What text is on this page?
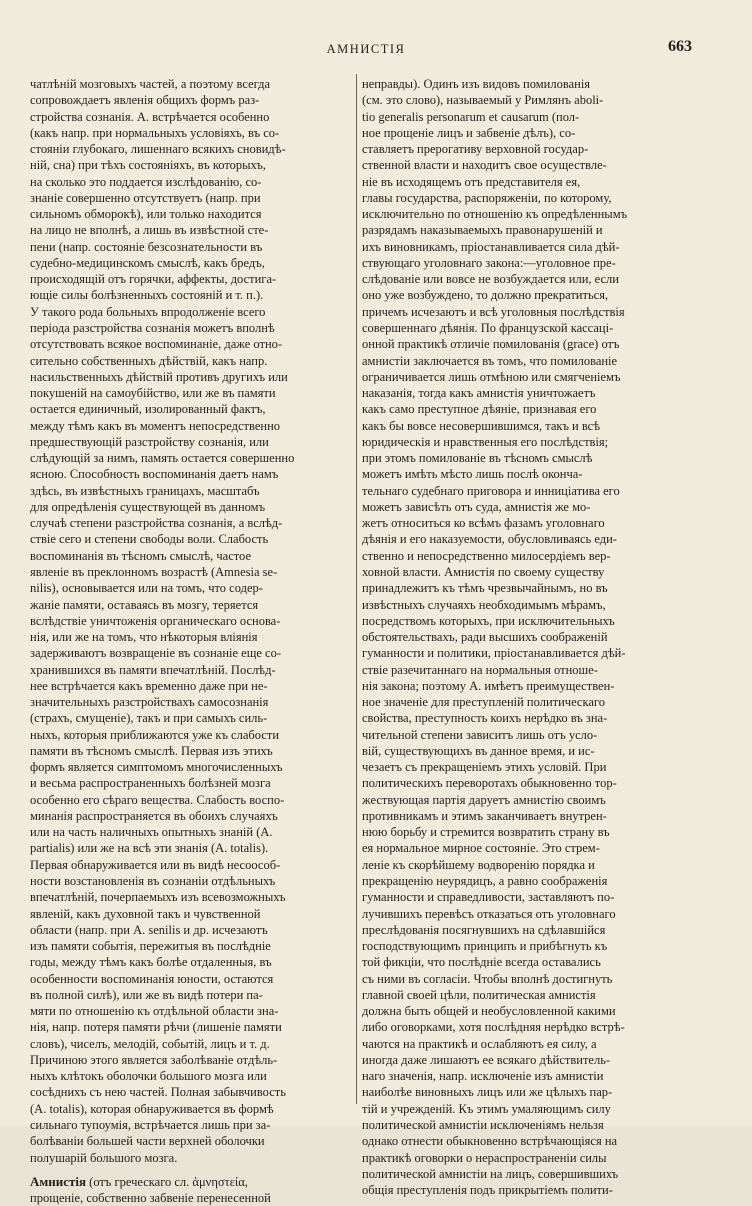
АМНИСТІЯ	663
чатлѣній мозговыхъ частей, а поэтому всегда
сопровождаетъ явленія общихъ формъ раз-
стройства сознанія. А. встрѣчается особенно
(какъ напр. при нормальныхъ условіяхъ, въ со-
стояніи глубокаго, лишеннаго всякихъ сновидѣ-
ній, сна) при тѣхъ состояніяхъ, въ которыхъ,
на сколько это поддается изслѣдованію, со-
знаніе совершенно отсутствуетъ (напр. при
сильномъ обморокѣ), или только находится
на лицо не вполнѣ, а лишь въ извѣстной сте-
пени (напр. состояніе безсознательности въ
судебно-медицинскомъ смыслѣ, какъ бредъ,
происходящій отъ горячки, аффекты, достига-
ющіе силы болѣзненныхъ состояній и т. п.).
У такого рода больныхъ впродолженіе всего
періода разстройства сознанія можетъ вполнѣ
отсутствовать всякое воспоминаніе, даже отно-
сительно собственныхъ дѣйствій, какъ напр.
насильственныхъ дѣйствій противъ другихъ или
покушеній на самоубійство, или же въ памяти
остается единичный, изолированный фактъ,
между тѣмъ какъ въ моментъ непосредственно
предшествующій разстройству сознанія, или
слѣдующій за нимъ, память остается совершенно
ясною. Способность воспоминанія даетъ намъ
здѣсь, въ извѣстныхъ границахъ, масштабъ
для опредѣленія существующей въ данномъ
случаѣ степени разстройства сознанія, а вслѣд-
ствіе сего и степени свободы воли. Слабость
воспоминанія въ тѣсномъ смыслѣ, частое
явленіе въ преклонномъ возрастѣ (Amnesia se-
nilis), основывается или на томъ, что содер-
жаніе памяти, оставаясь въ мозгу, теряется
вслѣдствіе уничтоженія органическаго основа-
нія, или же на томъ, что нѣкоторыя вліянія
задерживаютъ возвращеніе въ сознаніе еще со-
хранившихся въ памяти впечатлѣній. Послѣд-
нее встрѣчается какъ временно даже при не-
значительныхъ разстройствахъ самосознанія
(страхъ, смущеніе), такъ и при самыхъ силь-
ныхъ, которыя приближаются уже къ слабости
памяти въ тѣсномъ смыслѣ. Первая изъ этихъ
формъ является симптомомъ многочисленныхъ
и весьма распространенныхъ болѣзней мозга
особенно его сѣраго вещества. Слабость воспо-
минанія распространяется въ обоихъ случаяхъ
или на часть наличныхъ опытныхъ знаній (A.
partialis) или же на всѣ эти знанія (A. totalis).
Первая обнаруживается или въ видѣ несоособ-
ности возстановленія въ сознаніи отдѣльныхъ
впечатлѣній, почерпаемыхъ изъ всевозможныхъ
явленій, какъ духовной такъ и чувственной
области (напр. при A. senilis и др. исчезаютъ
изъ памяти событія, пережитыя въ послѣдніе
годы, между тѣмъ какъ болѣе отдаленныя, въ
особенности воспоминанія юности, остаются
въ полной силѣ), или же въ видѣ потери па-
мяти по отношенію къ отдѣльной области зна-
нія, напр. потеря памяти рѣчи (лишеніе памяти
словъ), чиселъ, мелодій, событій, лицъ и т. д.
Причиною этого является заболѣваніе отдѣль-
ныхъ клѣтокъ оболочки большого мозга или
сосѣднихъ съ нею частей. Полная забывчивость
(A. totalis), которая обнаруживается въ формѣ
сильнаго тупоумія, встрѣчается лишь при за-
болѣваніи большей части верхней оболочки
полушарій большого мозга.
Амнистія (отъ греческаго сл. ἀμνηστεία,
прощеніе, собственно забвеніе перенесенной
неправды). Одинъ изъ видовъ помилованія
(см. это слово), называемый у Римлянъ aboli-
tio generalis personarum et causarum (пол-
ное прощеніе лицъ и забвеніе дѣлъ), со-
ставляетъ прерогативу верховной государ-
ственной власти и находитъ свое осуществле-
ніе въ исходящемъ отъ представителя ея,
главы государства, распоряженіи, по которому,
исключительно по отношенію къ опредѣленнымъ
разрядамъ наказываемыхъ правонарушеній и
ихъ виновникамъ, пріостанавливается сила дѣй-
ствующаго уголовнаго закона:—уголовное пре-
слѣдованіе или вовсе не возбуждается или, если
оно уже возбуждено, то должно прекратиться,
причемъ исчезаютъ и всѣ уголовныя послѣдствія
совершеннаго дѣянія. По французской кассаці-
онной практикѣ отличіе помилованія (grace) отъ
амнистіи заключается въ томъ, что помилованіе
ограничивается лишь отмѣною или смягченіемъ
наказанія, тогда какъ амнистія уничтожаетъ
какъ само преступное дѣяніе, признавая его
какъ бы вовсе несовершившимся, такъ и всѣ
юридическія и нравственныя его послѣдствія;
при этомъ помилованіе въ тѣсномъ смыслѣ
можетъ имѣть мѣсто лишь послѣ оконча-
тельнаго судебнаго приговора и инниціатива его
можетъ зависѣть отъ суда, амнистія же мо-
жетъ относиться ко всѣмъ фазамъ уголовнаго
дѣянія и его наказуемости, обусловливаясь еди-
ственно и непосредственно милосердіемъ вер-
ховной власти. Амнистія по своему существу
принадлежитъ къ тѣмъ чрезвычайнымъ, но въ
извѣстныхъ случаяхъ необходимымъ мѣрамъ,
посредствомъ которыхъ, при исключительныхъ
обстоятельствахъ, ради высшихъ соображеній
гуманности и политики, пріостанавливается дѣй-
ствіе разечитаннаго на нормальныя отноше-
нія закона; поэтому А. имѣетъ преимуществен-
ное значеніе для преступленій политическаго
свойства, преступность коихъ нерѣдко въ зна-
чительной степени зависитъ лишь отъ усло-
вій, существующихъ въ данное время, и ис-
чезаетъ съ прекращеніемъ этихъ условій. При
политическихъ переворотахъ обыкновенно тор-
жествующая партія даруетъ амнистію своимъ
противникамъ и этимъ заканчиваетъ внутрен-
нюю борьбу и стремится возвратить страну въ
ея нормальное мирное состояніе. Это стрем-
леніе къ скорѣйшему водворенію порядка и
прекращенію неурядицъ, а равно соображенія
гуманности и справедливости, заставляютъ по-
лучившихъ перевѣсъ отказаться отъ уголовнаго
преслѣдованія посягнувшихъ на сдѣлавшійся
господствующимъ принципъ и прибѣгнуть къ
той фикціи, что послѣдніе всегда оставались
съ ними въ согласіи. Чтобы вполнѣ достигнуть
главной своей цѣли, политическая амнистія
должна быть общей и необусловленной какими
либо оговорками, хотя послѣдняя нерѣдко встрѣ-
чаются на практикѣ и ослабляютъ ея силу, а
иногда даже лишаютъ ее всякаго дѣйствитель-
наго значенія, напр. исключеніе изъ амнистіи
наиболѣе виновныхъ лицъ или же цѣлыхъ пар-
тій и учрежденій. Къ этимъ умаляющимъ силу
политической амнистіи исключеніямъ нельзя
однако отнести обыкновенно встрѣчающіяся на
практикѣ оговорки о нераспространеніи силы
политической амнистіи на лицъ, совершившихъ
общія преступленія подъ прикрытіемъ полити-
